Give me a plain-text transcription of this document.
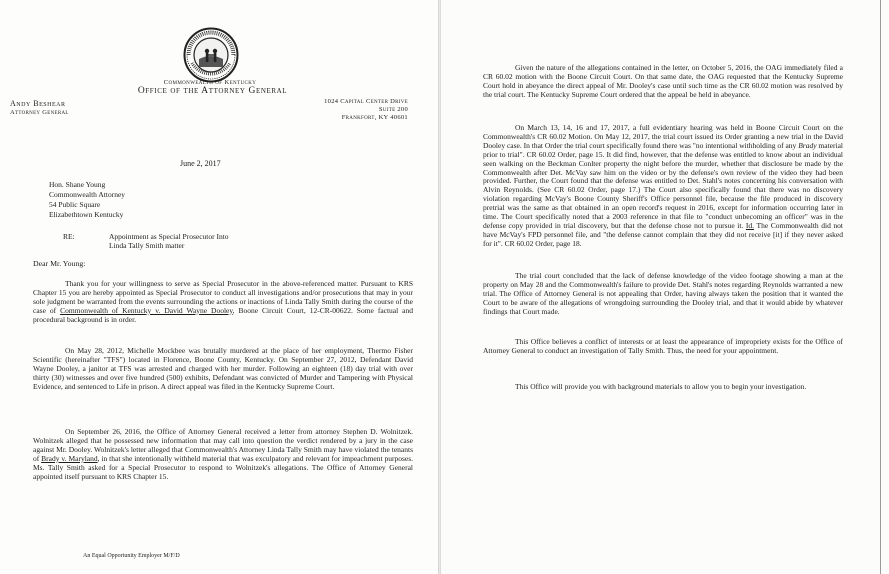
Commonwealth of Kentucky
Office of the Attorney General
Andy Beshear
Attorney General
1024 Capital Center Drive
Suite 200
Frankfort, KY 40601
June 2, 2017
Hon. Shane Young
Commonwealth Attorney
54 Public Square
Elizabethtown Kentucky
RE:	Appointment as Special Prosecutor Into
Linda Tally Smith matter
Dear Mr. Young:

Thank you for your willingness to serve as Special Prosecutor in the above-referenced matter. Pursuant to KRS Chapter 15 you are hereby appointed as Special Prosecutor to conduct all investigations and/or prosecutions that may in your sole judgment be warranted from the events surrounding the actions or inactions of Linda Tally Smith during the course of the case of Commonwealth of Kentucky v. David Wayne Dooley, Boone Circuit Court, 12-CR-00622. Some factual and procedural background is in order.

On May 28, 2012, Michelle Mockbee was brutally murdered at the place of her employment, Thermo Fisher Scientific (hereinafter "TFS") located in Florence, Boone County, Kentucky. On September 27, 2012, Defendant David Wayne Dooley, a janitor at TFS was arrested and charged with her murder. Following an eighteen (18) day trial with over thirty (30) witnesses and over five hundred (500) exhibits, Defendant was convicted of Murder and Tampering with Physical Evidence, and sentenced to Life in prison. A direct appeal was filed in the Kentucky Supreme Court.

On September 26, 2016, the Office of Attorney General received a letter from attorney Stephen D. Wolnitzek. Wolnitzek alleged that he possessed new information that may call into question the verdict rendered by a jury in the case against Mr. Dooley. Wolnitzek's letter alleged that Commonwealth's Attorney Linda Tally Smith may have violated the tenants of Brady v. Maryland, in that she intentionally withheld material that was exculpatory and relevant for impeachment purposes. Ms. Tally Smith asked for a Special Prosecutor to respond to Wolnitzek's allegations. The Office of Attorney General appointed itself pursuant to KRS Chapter 15.

An Equal Opportunity Employer M/F/D

Given the nature of the allegations contained in the letter, on October 5, 2016, the OAG immediately filed a CR 60.02 motion with the Boone Circuit Court. On that same date, the OAG requested that the Kentucky Supreme Court hold in abeyance the direct appeal of Mr. Dooley's case until such time as the CR 60.02 motion was resolved by the trial court. The Kentucky Supreme Court ordered that the appeal be held in abeyance.

On March 13, 14, 16 and 17, 2017, a full evidentiary hearing was held in Boone Circuit Court on the Commonwealth's CR 60.02 Motion. On May 12, 2017, the trial court issued its Order granting a new trial in the David Dooley case. In that Order the trial court specifically found there was "no intentional withholding of any Brady material prior to trial". CR 60.02 Order, page 15. It did find, however, that the defense was entitled to know about an individual seen walking on the Beckman Conlter property the night before the murder, whether that disclosure be made by the Commonwealth after Det. McVay saw him on the video or by the defense's own review of the video they had been provided. Further, the Court found that the defense was entitled to Det. Stahl's notes concerning his conversation with Alvin Reynolds. (See CR 60.02 Order, page 17.) The Court also specifically found that there was no discovery violation regarding McVay's Boone County Sheriff's Office personnel file, because the file produced in discovery pretrial was the same as that obtained in an open record's request in 2016, except for information occurring later in time. The Court specifically noted that a 2003 reference in that file to "conduct unbecoming an officer" was in the defense copy provided in trial discovery, but that the defense chose not to pursue it. Id. The Commonwealth did not have McVay's FPD personnel file, and "the defense cannot complain that they did not receive [it] if they never asked for it". CR 60.02 Order, page 18.

The trial court concluded that the lack of defense knowledge of the video footage showing a man at the property on May 28 and the Commonwealth's failure to provide Det. Stahl's notes regarding Reynolds warranted a new trial. The Office of Attorney General is not appealing that Order, having always taken the position that it wanted the Court to be aware of the allegations of wrongdoing surrounding the Dooley trial, and that it would abide by whatever findings that Court made.

This Office believes a conflict of interests or at least the appearance of impropriety exists for the Office of Attorney General to conduct an investigation of Tally Smith. Thus, the need for your appointment.

This Office will provide you with background materials to allow you to begin your investigation.
